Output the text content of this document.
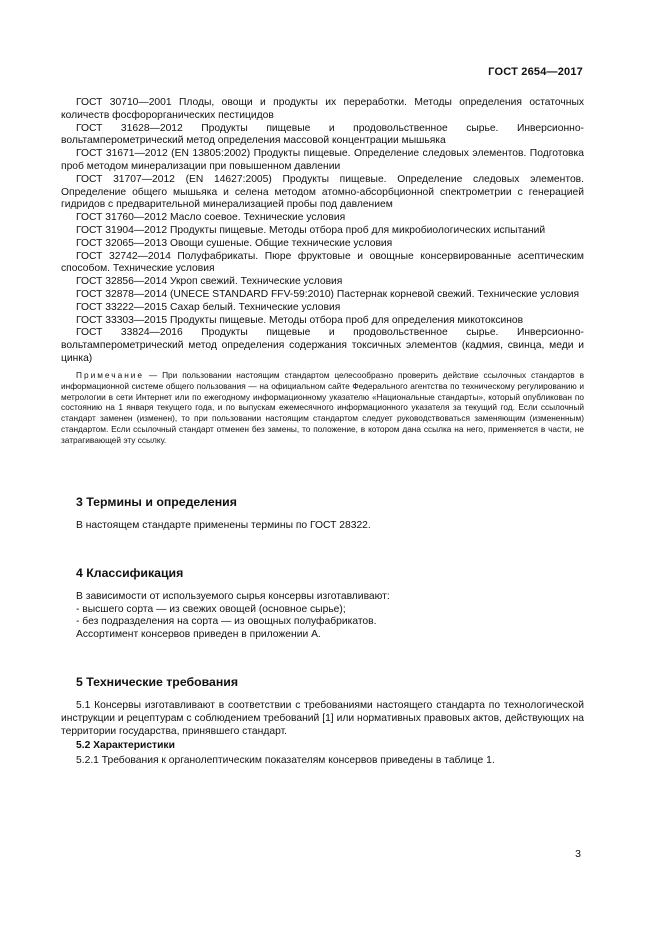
ГОСТ 2654—2017

ГОСТ 30710—2001 Плоды, овощи и продукты их переработки. Методы определения остаточных количеств фосфорорганических пестицидов

ГОСТ 31628—2012 Продукты пищевые и продовольственное сырье. Инверсионно-вольтамперометрический метод определения массовой концентрации мышьяка

ГОСТ 31671—2012 (EN 13805:2002) Продукты пищевые. Определение следовых элементов. Подготовка проб методом минерализации при повышенном давлении

ГОСТ 31707—2012 (EN 14627:2005) Продукты пищевые. Определение следовых элементов. Определение общего мышьяка и селена методом атомно-абсорбционной спектрометрии с генерацией гидридов с предварительной минерализацией пробы под давлением

ГОСТ 31760—2012 Масло соевое. Технические условия

ГОСТ 31904—2012 Продукты пищевые. Методы отбора проб для микробиологических испытаний

ГОСТ 32065—2013 Овощи сушеные. Общие технические условия

ГОСТ 32742—2014 Полуфабрикаты. Пюре фруктовые и овощные консервированные асептическим способом. Технические условия

ГОСТ 32856—2014 Укроп свежий. Технические условия

ГОСТ 32878—2014 (UNECE STANDARD FFV-59:2010) Пастернак корневой свежий. Технические условия

ГОСТ 33222—2015 Сахар белый. Технические условия

ГОСТ 33303—2015 Продукты пищевые. Методы отбора проб для определения микотоксинов

ГОСТ 33824—2016 Продукты пищевые и продовольственное сырье. Инверсионно-вольтамперометрический метод определения содержания токсичных элементов (кадмия, свинца, меди и цинка)

Примечание — При пользовании настоящим стандартом целесообразно проверить действие ссылочных стандартов в информационной системе общего пользования — на официальном сайте Федерального агентства по техническому регулированию и метрологии в сети Интернет или по ежегодному информационному указателю «Национальные стандарты», который опубликован по состоянию на 1 января текущего года, и по выпускам ежемесячного информационного указателя за текущий год. Если ссылочный стандарт заменен (изменен), то при пользовании настоящим стандартом следует руководствоваться заменяющим (измененным) стандартом. Если ссылочный стандарт отменен без замены, то положение, в котором дана ссылка на него, применяется в части, не затрагивающей эту ссылку.

3 Термины и определения

В настоящем стандарте применены термины по ГОСТ 28322.

4 Классификация

В зависимости от используемого сырья консервы изготавливают:

- высшего сорта — из свежих овощей (основное сырье);

- без подразделения на сорта — из овощных полуфабрикатов.

Ассортимент консервов приведен в приложении А.

5 Технические требования

5.1 Консервы изготавливают в соответствии с требованиями настоящего стандарта по технологической инструкции и рецептурам с соблюдением требований [1] или нормативных правовых актов, действующих на территории государства, принявшего стандарт.

5.2 Характеристики

5.2.1 Требования к органолептическим показателям консервов приведены в таблице 1.

3
